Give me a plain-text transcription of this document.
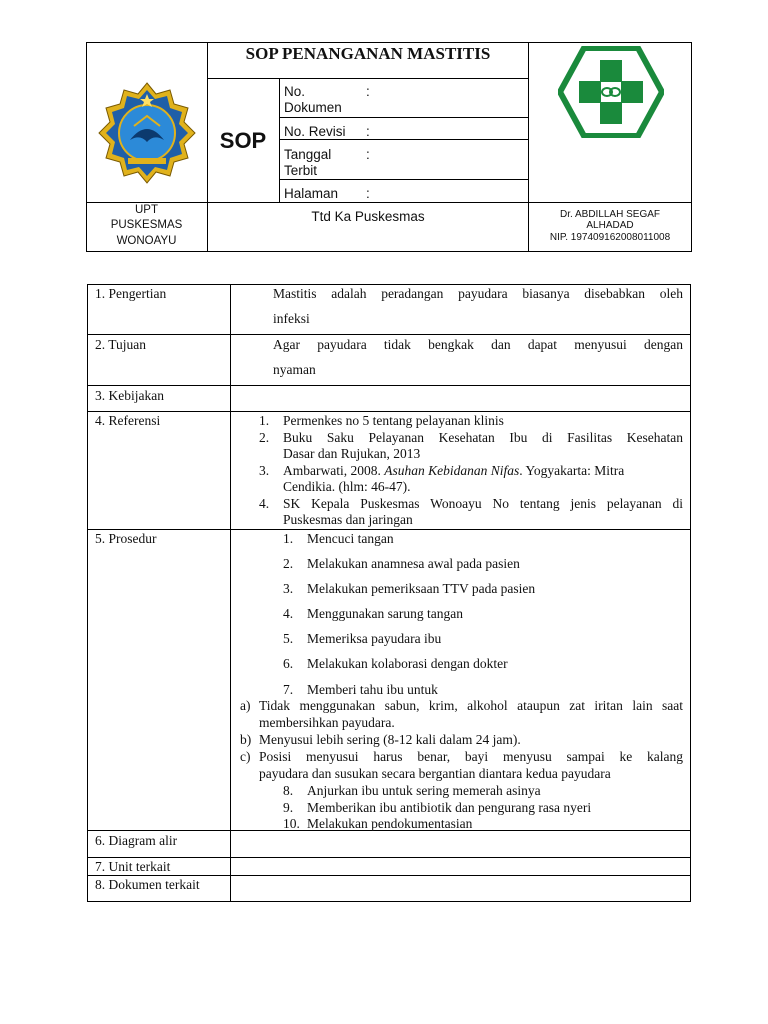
SOP PENANGANAN MASTITIS
SOP
No.
Dokumen
:
No. Revisi :
Tanggal
Terbit
:
Halaman :
UPT
PUSKESMAS
WONOAYU
Ttd Ka Puskesmas	Dr. ABDILLAH SEGAF
ALHADAD
NIP. 197409162008011008
1. Pengertian	Mastitis adalah peradangan payudara biasanya disebabkan oleh
infeksi
2. Tujuan	Agar payudara tidak bengkak dan dapat menyusui dengan
nyaman
3. Kebijakan
4. Referensi	1. Permenkes no 5 tentang pelayanan klinis
2. Buku Saku Pelayanan Kesehatan Ibu di Fasilitas Kesehatan
Dasar dan Rujukan, 2013
3. Ambarwati, 2008. Asuhan Kebidanan Nifas. Yogyakarta: Mitra
Cendikia. (hlm: 46-47).
4. SK Kepala Puskesmas Wonoayu No tentang jenis pelayanan di
Puskesmas dan jaringan
5. Prosedur	1. Mencuci tangan
2. Melakukan anamnesa awal pada pasien
3. Melakukan pemeriksaan TTV pada pasien
4. Menggunakan sarung tangan
5. Memeriksa payudara ibu
6. Melakukan kolaborasi dengan dokter
7. Memberi tahu ibu untuk
a) Tidak menggunakan sabun, krim, alkohol ataupun zat iritan lain saat
membersihkan payudara.
b) Menyusui lebih sering (8-12 kali dalam 24 jam).
c) Posisi menyusui harus benar, bayi menyusu sampai ke kalang
payudara dan susukan secara bergantian diantara kedua payudara
8. Anjurkan ibu untuk sering memerah asinya
9. Memberikan ibu antibiotik dan pengurang rasa nyeri
10. Melakukan pendokumentasian
6. Diagram alir
7. Unit terkait
8. Dokumen terkait
